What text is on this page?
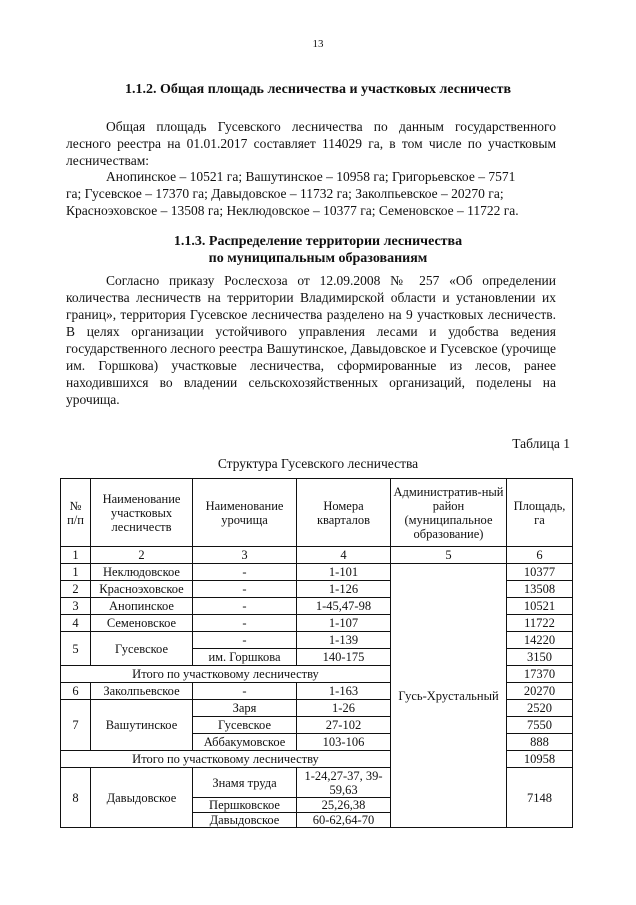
13
1.1.2. Общая площадь лесничества и участковых лесничеств
Общая площадь Гусевского лесничества по данным государственного лесного реестра на 01.01.2017 составляет 114029 га, в том числе по участковым лесничествам:
Анопинское – 10521 га; Вашутинское – 10958 га; Григорьевское – 7571
га; Гусевское – 17370 га; Давыдовское – 11732 га; Заколпьевское – 20270 га;
Красноэховское – 13508 га; Неклюдовское – 10377 га; Семеновское – 11722 га.
1.1.3. Распределение территории лесничества
по муниципальным образованиям
Согласно приказу Рослесхоза от 12.09.2008 № 257 «Об определении количества лесничеств на территории Владимирской области и установлении их границ», территория Гусевское лесничества разделено на 9 участковых лесничеств. В целях организации устойчивого управления лесами и удобства ведения государственного лесного реестра Вашутинское, Давыдовское и Гусевское (урочище им. Горшкова) участковые лесничества, сформированные из лесов, ранее находившихся во владении сельскохозяйственных организаций, поделены на урочища.
Таблица 1
Структура Гусевского лесничества
№ п/п	Наименование участковых лесничеств	Наименование урочища	Номера кварталов	Административ-ный район (муниципальное образование)	Площадь, га
1	2	3	4	5	6
1	Неклюдовское	-	1-101	Гусь-Хрустальный	10377
2	Красноэховское	-	1-126		13508
3	Анопинское	-	1-45,47-98		10521
4	Семеновское	-	1-107		11722
5	Гусевское	-	1-139		14220
		им. Горшкова	140-175		3150
Итого по участковому лесничеству					17370
6	Заколпьевское	-	1-163		20270
7	Вашутинское	Заря	1-26		2520
		Гусевское	27-102		7550
		Аббакумовское	103-106		888
Итого по участковому лесничеству					10958
8	Давыдовское	Знамя труда	1-24,27-37, 39-59,63		7148
		Першковское	25,26,38		
		Давыдовское	60-62,64-70		
